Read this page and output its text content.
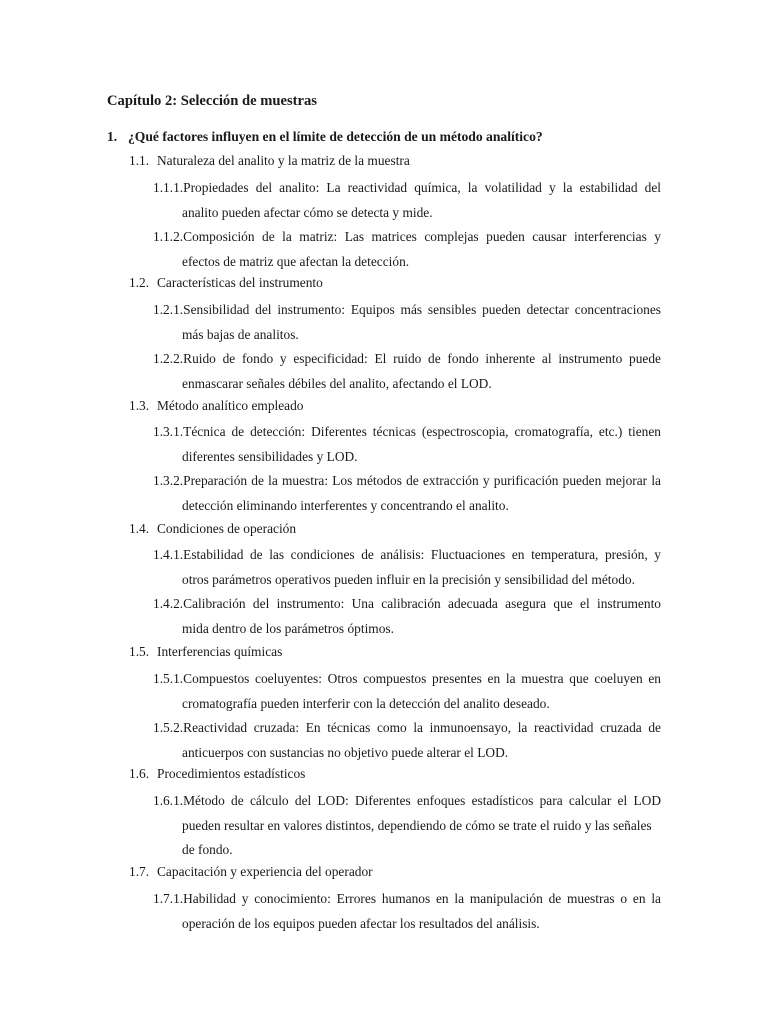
Capítulo 2: Selección de muestras
1. ¿Qué factores influyen en el límite de detección de un método analítico?
1.1. Naturaleza del analito y la matriz de la muestra
1.1.1. Propiedades del analito: La reactividad química, la volatilidad y la estabilidad del
analito pueden afectar cómo se detecta y mide.
1.1.2. Composición de la matriz: Las matrices complejas pueden causar interferencias y
efectos de matriz que afectan la detección.
1.2. Características del instrumento
1.2.1. Sensibilidad del instrumento: Equipos más sensibles pueden detectar concentraciones
más bajas de analitos.
1.2.2. Ruido de fondo y especificidad: El ruido de fondo inherente al instrumento puede
enmascarar señales débiles del analito, afectando el LOD.
1.3. Método analítico empleado
1.3.1. Técnica de detección: Diferentes técnicas (espectroscopia, cromatografía, etc.) tienen
diferentes sensibilidades y LOD.
1.3.2. Preparación de la muestra: Los métodos de extracción y purificación pueden mejorar la
detección eliminando interferentes y concentrando el analito.
1.4. Condiciones de operación
1.4.1. Estabilidad de las condiciones de análisis: Fluctuaciones en temperatura, presión, y
otros parámetros operativos pueden influir en la precisión y sensibilidad del método.
1.4.2. Calibración del instrumento: Una calibración adecuada asegura que el instrumento
mida dentro de los parámetros óptimos.
1.5. Interferencias químicas
1.5.1. Compuestos coeluyentes: Otros compuestos presentes en la muestra que coeluyen en
cromatografía pueden interferir con la detección del analito deseado.
1.5.2. Reactividad cruzada: En técnicas como la inmunoensayo, la reactividad cruzada de
anticuerpos con sustancias no objetivo puede alterar el LOD.
1.6. Procedimientos estadísticos
1.6.1. Método de cálculo del LOD: Diferentes enfoques estadísticos para calcular el LOD
pueden resultar en valores distintos, dependiendo de cómo se trate el ruido y las señales
de fondo.
1.7. Capacitación y experiencia del operador
1.7.1. Habilidad y conocimiento: Errores humanos en la manipulación de muestras o en la
operación de los equipos pueden afectar los resultados del análisis.
